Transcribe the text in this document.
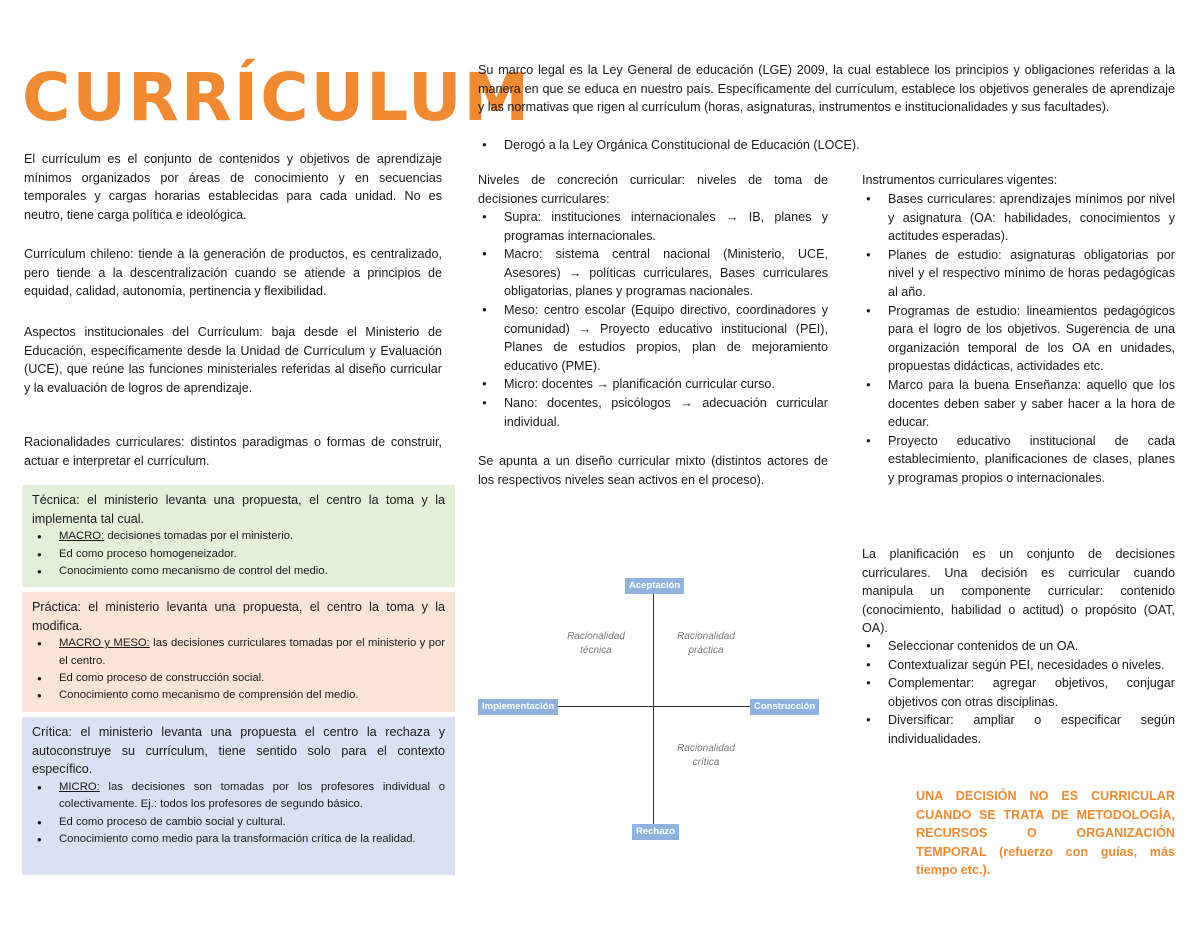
CURRÍCULUM

El currículum es el conjunto de contenidos y objetivos de aprendizaje mínimos organizados por áreas de conocimiento y en secuencias temporales y cargas horarias establecidas para cada unidad. No es neutro, tiene carga política e ideológica.

Currículum chileno: tiende a la generación de productos, es centralizado, pero tiende a la descentralización cuando se atiende a principios de equidad, calidad, autonomía, pertinencia y flexibilidad.

Aspectos institucionales del Currículum: baja desde el Ministerio de Educación, específicamente desde la Unidad de Currículum y Evaluación (UCE), que reúne las funciones ministeriales referidas al diseño curricular y la evaluación de logros de aprendizaje.

Racionalidades curriculares: distintos paradigmas o formas de construir, actuar e interpretar el currículum.

Técnica: el ministerio levanta una propuesta, el centro la toma y la implementa tal cual.

● MACRO: decisiones tomadas por el ministerio.
● Ed como proceso homogeneizador.
● Conocimiento como mecanismo de control del medio.

Práctica: el ministerio levanta una propuesta, el centro la toma y la modifica.

● MACRO y MESO: las decisiones curriculares tomadas por el ministerio y por el centro.
● Ed como proceso de construcción social.
● Conocimiento como mecanismo de comprensión del medio.

Crítica: el ministerio levanta una propuesta el centro la rechaza y autoconstruye su currículum, tiene sentido solo para el contexto específico.

● MICRO: las decisiones son tomadas por los profesores individual o colectivamente. Ej.: todos los profesores de segundo básico.
● Ed como proceso de cambio social y cultural.
● Conocimiento como medio para la transformación crítica de la realidad.

Su marco legal es la Ley General de educación (LGE) 2009, la cual establece los principios y obligaciones referidas a la manera en que se educa en nuestro país. Específicamente del currículum, establece los objetivos generales de aprendizaje y las normativas que rigen al currículum (horas, asignaturas, instrumentos e institucionalidades y sus facultades).

● Derogó a la Ley Orgánica Constitucional de Educación (LOCE).

Niveles de concreción curricular: niveles de toma de decisiones curriculares:

● Supra: instituciones internacionales → IB, planes y programas internacionales.
● Macro: sistema central nacional (Ministerio, UCE, Asesores) → políticas curriculares, Bases curriculares obligatorias, planes y programas nacionales.
● Meso: centro escolar (Equipo directivo, coordinadores y comunidad) → Proyecto educativo institucional (PEI), Planes de estudios propios, plan de mejoramiento educativo (PME).
● Micro: docentes → planificación curricular curso.
● Nano: docentes, psicólogos → adecuación curricular individual.

Se apunta a un diseño curricular mixto (distintos actores de los respectivos niveles sean activos en el proceso).

Aceptación
Rechazo
Implementación	Construcción
Racionalidad técnica
Racionalidad práctica
Racionalidad crítica

Instrumentos curriculares vigentes:

● Bases curriculares: aprendizajes mínimos por nivel y asignatura (OA: habilidades, conocimientos y actitudes esperadas).
● Planes de estudio: asignaturas obligatorias por nivel y el respectivo mínimo de horas pedagógicas al año.
● Programas de estudio: lineamientos pedagógicos para el logro de los objetivos. Sugerencia de una organización temporal de los OA en unidades, propuestas didácticas, actividades etc.
● Marco para la buena Enseñanza: aquello que los docentes deben saber y saber hacer a la hora de educar.
● Proyecto educativo institucional de cada establecimiento, planificaciones de clases, planes y programas propios o internacionales.

La planificación es un conjunto de decisiones curriculares. Una decisión es curricular cuando manipula un componente curricular: contenido (conocimiento, habilidad o actitud) o propósito (OAT, OA).

● Seleccionar contenidos de un OA.
● Contextualizar según PEI, necesidades o niveles.
● Complementar: agregar objetivos, conjugar objetivos con otras disciplinas.
● Diversificar: ampliar o especificar según individualidades.

UNA DECISIÓN NO ES CURRICULAR CUANDO SE TRATA DE METODOLOGÍA, RECURSOS O ORGANIZACIÓN TEMPORAL (refuerzo con guías, más tiempo etc.).
